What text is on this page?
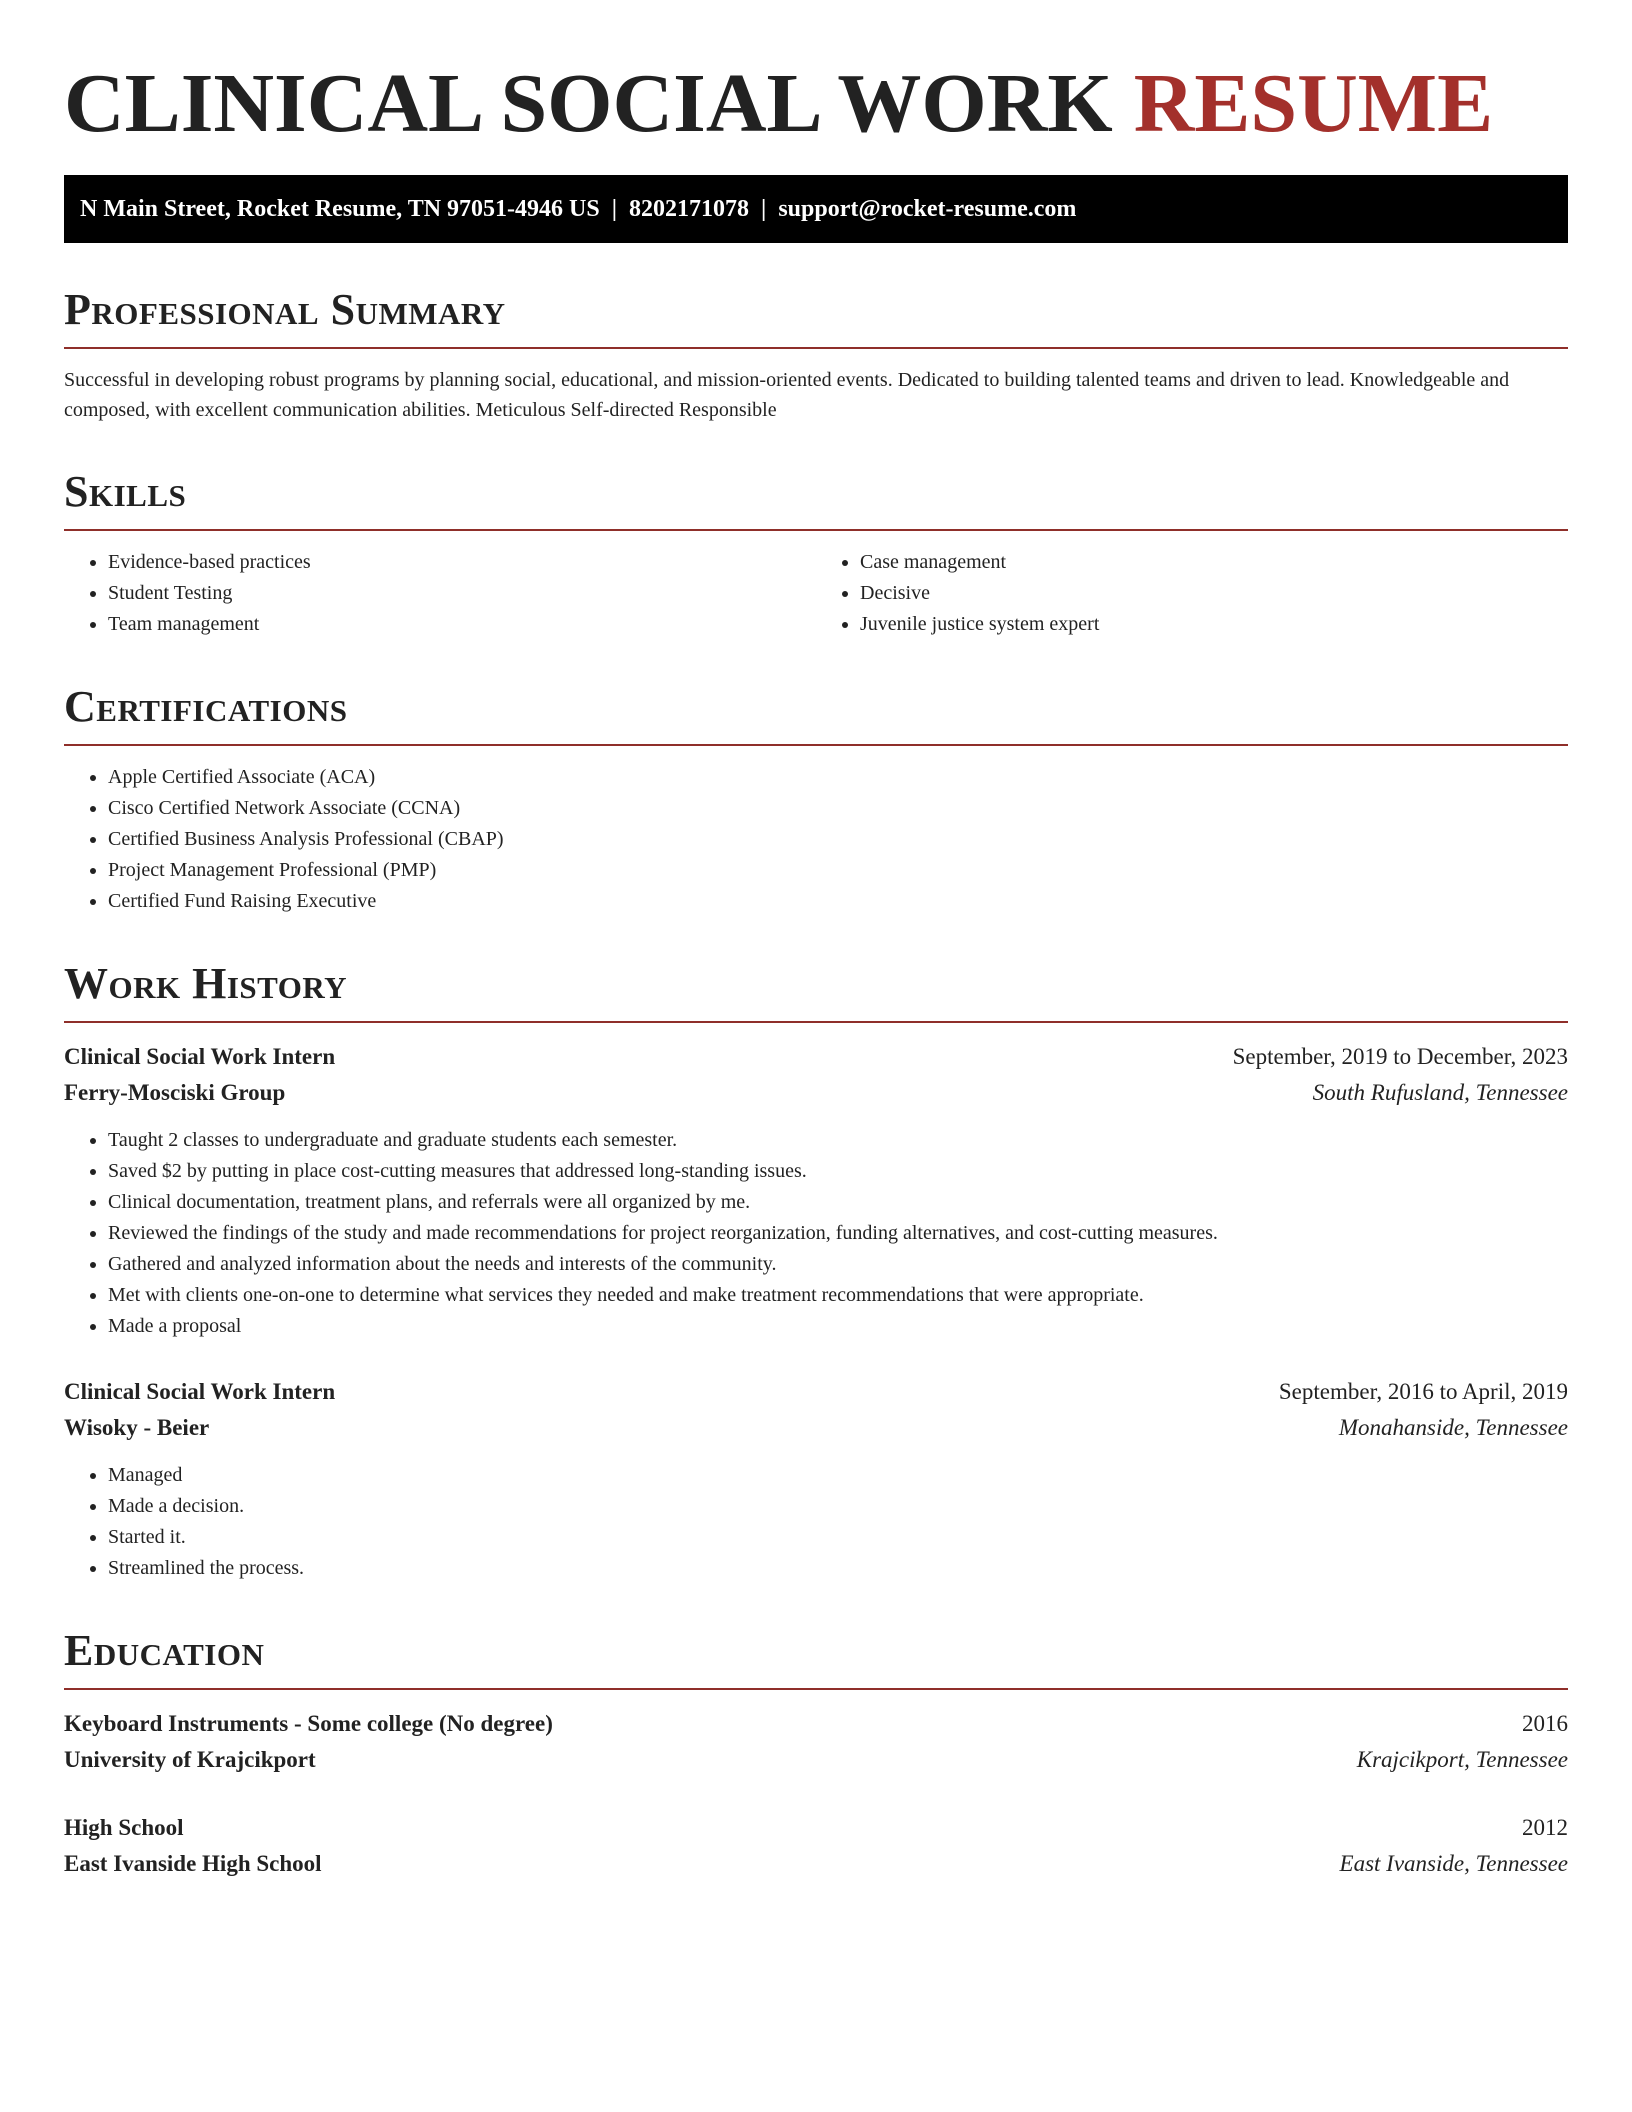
CLINICAL SOCIAL WORK RESUME
N Main Street, Rocket Resume, TN 97051-4946 US | 8202171078 | support@rocket-resume.com
Professional Summary

Successful in developing robust programs by planning social, educational, and mission-oriented events. Dedicated to building talented teams and driven to lead. Knowledgeable and composed, with excellent communication abilities. Meticulous Self-directed Responsible

Skills
• Evidence-based practices
• Student Testing
• Team management
• Case management
• Decisive
• Juvenile justice system expert
Certifications
• Apple Certified Associate (ACA)
• Cisco Certified Network Associate (CCNA)
• Certified Business Analysis Professional (CBAP)
• Project Management Professional (PMP)
• Certified Fund Raising Executive
Work History
Clinical Social Work Intern	September, 2019 to December, 2023
Ferry-Mosciski Group	South Rufusland, Tennessee
• Taught 2 classes to undergraduate and graduate students each semester.
• Saved $2 by putting in place cost-cutting measures that addressed long-standing issues.
• Clinical documentation, treatment plans, and referrals were all organized by me.
• Reviewed the findings of the study and made recommendations for project reorganization, funding alternatives, and cost-cutting measures.
• Gathered and analyzed information about the needs and interests of the community.
• Met with clients one-on-one to determine what services they needed and make treatment recommendations that were appropriate.
• Made a proposal
Clinical Social Work Intern	September, 2016 to April, 2019
Wisoky - Beier	Monahanside, Tennessee
• Managed
• Made a decision.
• Started it.
• Streamlined the process.
Education
Keyboard Instruments - Some college (No degree)	2016
University of Krajcikport	Krajcikport, Tennessee
High School	2012
East Ivanside High School	East Ivanside, Tennessee
